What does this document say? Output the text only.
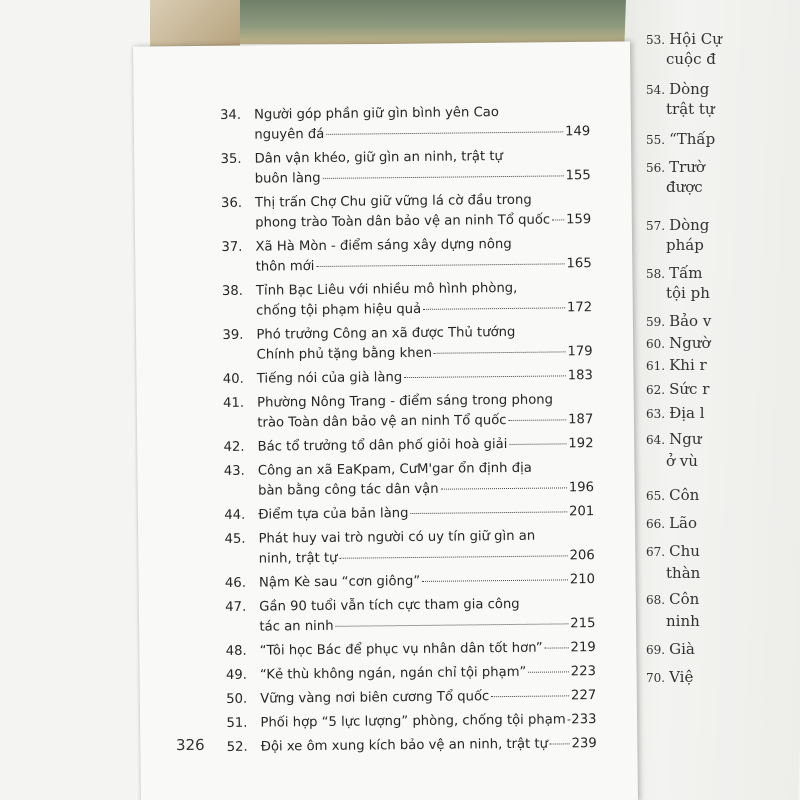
34. Người góp phần giữ gìn bình yên Cao
nguyên đá	149
35. Dân vận khéo, giữ gìn an ninh, trật tự
buôn làng	155
36. Thị trấn Chợ Chu giữ vững lá cờ đầu trong
phong trào Toàn dân bảo vệ an ninh Tổ quốc 159
37. Xã Hà Mòn - điểm sáng xây dựng nông
thôn mới	165
38. Tỉnh Bạc Liêu với nhiều mô hình phòng,
chống tội phạm hiệu quả	172
39. Phó trưởng Công an xã được Thủ tướng
Chính phủ tặng bằng khen	179
40. Tiếng nói của già làng	183
41. Phường Nông Trang - điểm sáng trong phong
trào Toàn dân bảo vệ an ninh Tổ quốc	187
42. Bác tổ trưởng tổ dân phố giỏi hoà giải	192
43. Công an xã EaKpam, CưM'gar ổn định địa
bàn bằng công tác dân vận	196
44. Điểm tựa của bản làng	201
45. Phát huy vai trò người có uy tín giữ gìn an
ninh, trật tự	206
46. Nậm Kè sau “cơn giông”	210
47. Gần 90 tuổi vẫn tích cực tham gia công
tác an ninh	215
48. “Tôi học Bác để phục vụ nhân dân tốt hơn” 219
49. “Kẻ thù không ngán, ngán chỉ tội phạm”	223
50. Vững vàng nơi biên cương Tổ quốc	227
51. Phối hợp “5 lực lượng” phòng, chống tội phạm 233
52. Đội xe ôm xung kích bảo vệ an ninh, trật tự 239
326
53. Hội Cự
cuộc đ
54. Dòng
trật tự
55. “Thấp
56. Trườ
được
57. Dòng
pháp
58. Tấm
tội ph
59. Bảo v
60. Ngườ
61. Khi r
62. Sức r
63. Địa l
64. Ngư
ở vù
65. Côn
66. Lão
67. Chu
thàn
68. Côn
ninh
69. Già
70. Việ
